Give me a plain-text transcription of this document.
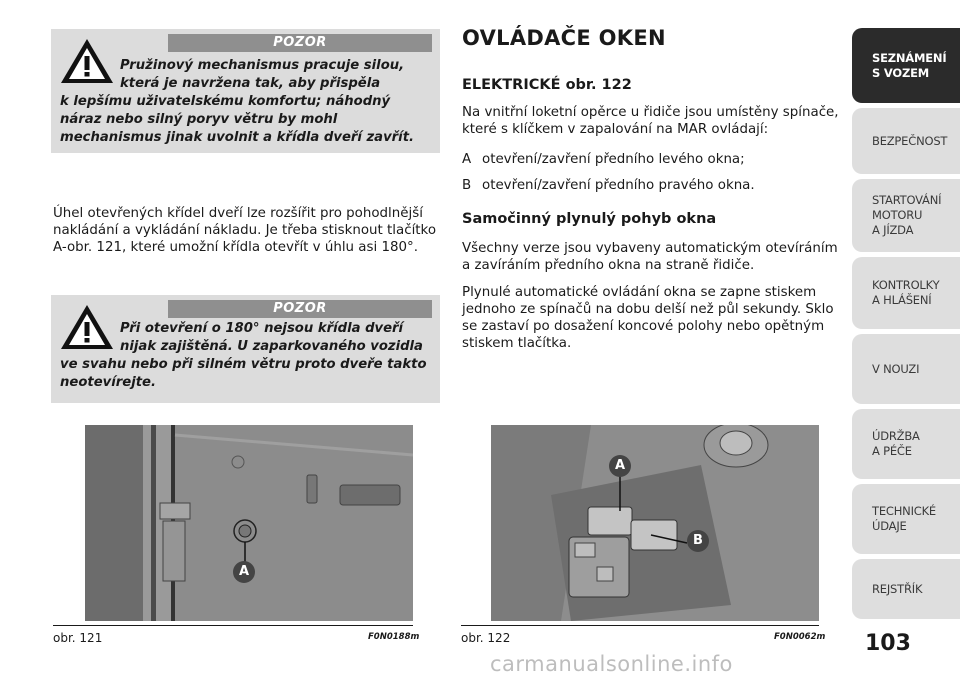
POZOR
Pružinový mechanismus pracuje silou,
která je navržena tak, aby přispěla
k lepšímu uživatelskému komfortu; náhodný
náraz nebo silný poryv větru by mohl
mechanismus jinak uvolnit a křídla dveří zavřít.
Úhel otevřených křídel dveří lze rozšířit pro pohodlnější
nakládání a vykládání nákladu. Je třeba stisknout tlačítko
A-obr. 121, které umožní křídla otevřít v úhlu asi 180°.
POZOR
Při otevření o 180° nejsou křídla dveří
nijak zajištěná. U zaparkovaného vozidla
ve svahu nebo při silném větru proto dveře takto
neotevírejte.
OVLÁDAČE OKEN
ELEKTRICKÉ obr. 122
Na vnitřní loketní opěrce u řidiče jsou umístěny spínače,
které s klíčkem v zapalování na MAR ovládají:
A otevření/zavření předního levého okna;
B otevření/zavření předního pravého okna.
Samočinný plynulý pohyb okna
Všechny verze jsou vybaveny automatickým otevíráním
a zavíráním předního okna na straně řidiče.
Plynulé automatické ovládání okna se zapne stiskem
jednoho ze spínačů na dobu delší než půl sekundy. Sklo
se zastaví po dosažení koncové polohy nebo opětným
stiskem tlačítka.
A
obr. 121	F0N0188m
A
B
obr. 122	F0N0062m
SEZNÁMENÍ
S VOZEM
BEZPEČNOST
STARTOVÁNÍ
MOTORU
A JÍZDA
KONTROLKY
A HLÁŠENÍ
V NOUZI
ÚDRŽBA
A PÉČE
TECHNICKÉ
ÚDAJE
REJSTŘÍK
103
carmanualsonline.info
